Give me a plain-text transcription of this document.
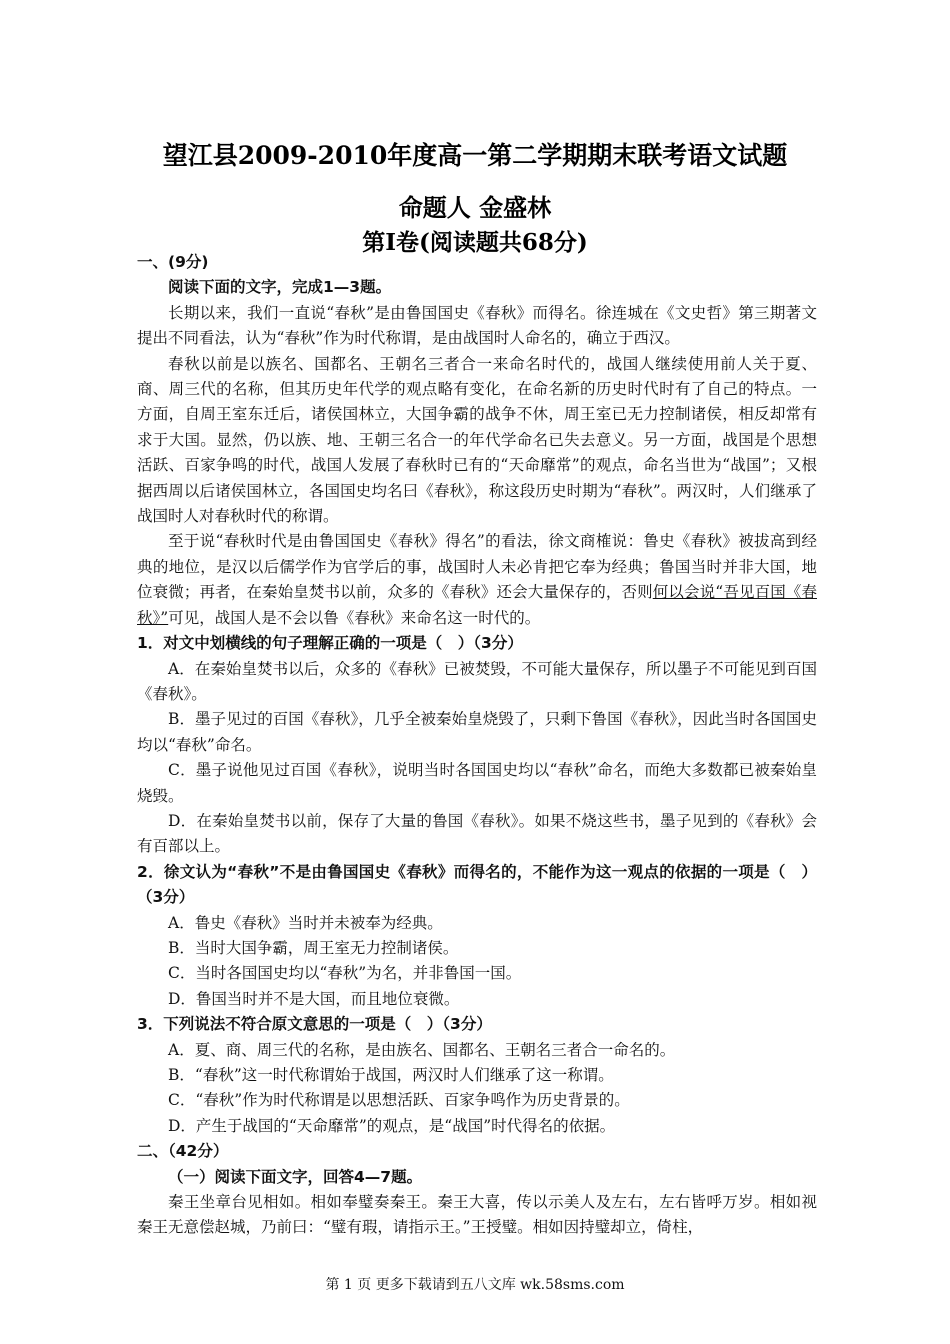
望江县2009-2010年度高一第二学期期末联考语文试题
命题人 金盛林
第Ⅰ卷(阅读题共68分)

一、(9分)

阅读下面的文字，完成1—3题。

长期以来，我们一直说“春秋”是由鲁国国史《春秋》而得名。徐连城在《文史哲》第三期著文提出不同看法，认为“春秋”作为时代称谓，是由战国时人命名的，确立于西汉。

春秋以前是以族名、国都名、王朝名三者合一来命名时代的，战国人继续使用前人关于夏、商、周三代的名称，但其历史年代学的观点略有变化，在命名新的历史时代时有了自己的特点。一方面，自周王室东迁后，诸侯国林立，大国争霸的战争不休，周王室已无力控制诸侯，相反却常有求于大国。显然，仍以族、地、王朝三名合一的年代学命名已失去意义。另一方面，战国是个思想活跃、百家争鸣的时代，战国人发展了春秋时已有的“天命靡常”的观点，命名当世为“战国”；又根据西周以后诸侯国林立，各国国史均名曰《春秋》，称这段历史时期为“春秋”。两汉时，人们继承了战国时人对春秋时代的称谓。

至于说“春秋时代是由鲁国国史《春秋》得名”的看法，徐文商榷说：鲁史《春秋》被拔高到经典的地位，是汉以后儒学作为官学后的事，战国时人未必肯把它奉为经典；鲁国当时并非大国，地位衰微；再者，在秦始皇焚书以前，众多的《春秋》还会大量保存的，否则何以会说“吾见百国《春秋》”可见，战国人是不会以鲁《春秋》来命名这一时代的。

1．对文中划横线的句子理解正确的一项是（　）（3分）

A．在秦始皇焚书以后，众多的《春秋》已被焚毁，不可能大量保存，所以墨子不可能见到百国《春秋》。

B．墨子见过的百国《春秋》，几乎全被秦始皇烧毁了，只剩下鲁国《春秋》，因此当时各国国史均以“春秋”命名。

C．墨子说他见过百国《春秋》，说明当时各国国史均以“春秋”命名，而绝大多数都已被秦始皇烧毁。

D．在秦始皇焚书以前，保存了大量的鲁国《春秋》。如果不烧这些书，墨子见到的《春秋》会有百部以上。

2．徐文认为“春秋”不是由鲁国国史《春秋》而得名的，不能作为这一观点的依据的一项是（　）（3分）

A．鲁史《春秋》当时并未被奉为经典。

B．当时大国争霸，周王室无力控制诸侯。

C．当时各国国史均以“春秋”为名，并非鲁国一国。

D．鲁国当时并不是大国，而且地位衰微。

3．下列说法不符合原文意思的一项是（　）（3分）

A．夏、商、周三代的名称，是由族名、国都名、王朝名三者合一命名的。

B．“春秋”这一时代称谓始于战国，两汉时人们继承了这一称谓。

C．“春秋”作为时代称谓是以思想活跃、百家争鸣作为历史背景的。

D．产生于战国的“天命靡常”的观点，是“战国”时代得名的依据。

二、（42分）

（一）阅读下面文字，回答4—7题。

秦王坐章台见相如。相如奉璧奏秦王。秦王大喜，传以示美人及左右，左右皆呼万岁。相如视秦王无意偿赵城，乃前曰：“璧有瑕，请指示王。”王授璧。相如因持璧却立，倚柱，

第 1 页 更多下载请到五八文库 wk.58sms.com
